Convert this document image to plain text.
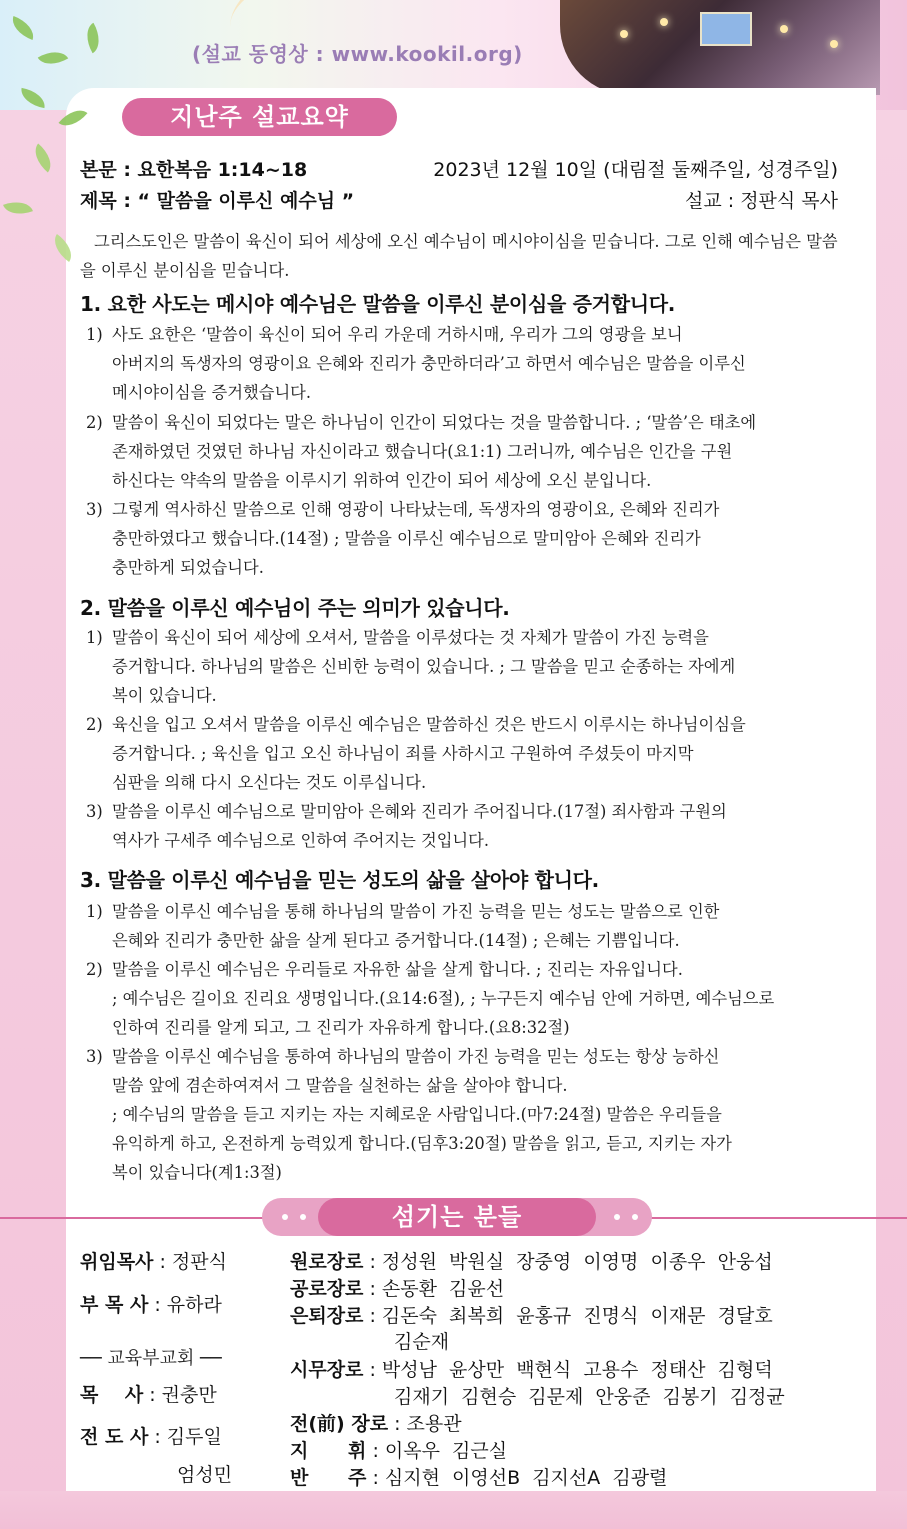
(설교 동영상 : www.kookil.org)
지난주 설교요약
본문 : 요한복음 1:14~18	2023년 12월 10일 (대림절 둘째주일, 성경주일)
제목 : “ 말씀을 이루신 예수님 ”	설교 : 정판식 목사
그리스도인은 말씀이 육신이 되어 세상에 오신 예수님이 메시야이심을 믿습니다. 그로 인해 예수님은 말씀을 이루신 분이심을 믿습니다.
1. 요한 사도는 메시야 예수님은 말씀을 이루신 분이심을 증거합니다.
1) 사도 요한은 ‘말씀이 육신이 되어 우리 가운데 거하시매, 우리가 그의 영광을 보니
아버지의 독생자의 영광이요 은혜와 진리가 충만하더라’고 하면서 예수님은 말씀을 이루신
메시야이심을 증거했습니다.
2) 말씀이 육신이 되었다는 말은 하나님이 인간이 되었다는 것을 말씀합니다. ; ‘말씀’은 태초에
존재하였던 것였던 하나님 자신이라고 했습니다(요1:1) 그러니까, 예수님은 인간을 구원
하신다는 약속의 말씀을 이루시기 위하여 인간이 되어 세상에 오신 분입니다.
3) 그렇게 역사하신 말씀으로 인해 영광이 나타났는데, 독생자의 영광이요, 은혜와 진리가
충만하였다고 했습니다.(14절) ; 말씀을 이루신 예수님으로 말미암아 은혜와 진리가
충만하게 되었습니다.
2. 말씀을 이루신 예수님이 주는 의미가 있습니다.
1) 말씀이 육신이 되어 세상에 오셔서, 말씀을 이루셨다는 것 자체가 말씀이 가진 능력을
증거합니다. 하나님의 말씀은 신비한 능력이 있습니다. ; 그 말씀을 믿고 순종하는 자에게
복이 있습니다.
2) 육신을 입고 오셔서 말씀을 이루신 예수님은 말씀하신 것은 반드시 이루시는 하나님이심을
증거합니다. ; 육신을 입고 오신 하나님이 죄를 사하시고 구원하여 주셨듯이 마지막
심판을 의해 다시 오신다는 것도 이루십니다.
3) 말씀을 이루신 예수님으로 말미암아 은혜와 진리가 주어집니다.(17절) 죄사함과 구원의
역사가 구세주 예수님으로 인하여 주어지는 것입니다.
3. 말씀을 이루신 예수님을 믿는 성도의 삶을 살아야 합니다.
1) 말씀을 이루신 예수님을 통해 하나님의 말씀이 가진 능력을 믿는 성도는 말씀으로 인한
은혜와 진리가 충만한 삶을 살게 된다고 증거합니다.(14절) ; 은혜는 기쁨입니다.
2) 말씀을 이루신 예수님은 우리들로 자유한 삶을 살게 합니다. ; 진리는 자유입니다.
; 예수님은 길이요 진리요 생명입니다.(요14:6절), ; 누구든지 예수님 안에 거하면, 예수님으로
인하여 진리를 알게 되고, 그 진리가 자유하게 합니다.(요8:32절)
3) 말씀을 이루신 예수님을 통하여 하나님의 말씀이 가진 능력을 믿는 성도는 항상 능하신
말씀 앞에 겸손하여져서 그 말씀을 실천하는 삶을 살아야 합니다.
; 예수님의 말씀을 듣고 지키는 자는 지혜로운 사람입니다.(마7:24절) 말씀은 우리들을
유익하게 하고, 온전하게 능력있게 합니다.(딤후3:20절) 말씀을 읽고, 듣고, 지키는 자가
복이 있습니다(계1:3절)
섬기는 분들
위임목사 : 정판식
부 목 사 : 유하라
── 교육부교회 ──
목    사 : 권충만
전 도 사 : 김두일
엄성민
원로장로 : 정성원  박원실  장중영  이영명  이종우  안웅섭
공로장로 : 손동환  김윤선
은퇴장로 : 김돈숙  최복희  윤홍규  진명식  이재문  경달호
김순재
시무장로 : 박성남  윤상만  백현식  고용수  정태산  김형덕
김재기  김현승  김문제  안웅준  김봉기  김정균
전(前) 장로 : 조용관
지      휘 : 이옥우  김근실
반      주 : 심지현  이영선B  김지선A  김광렬
